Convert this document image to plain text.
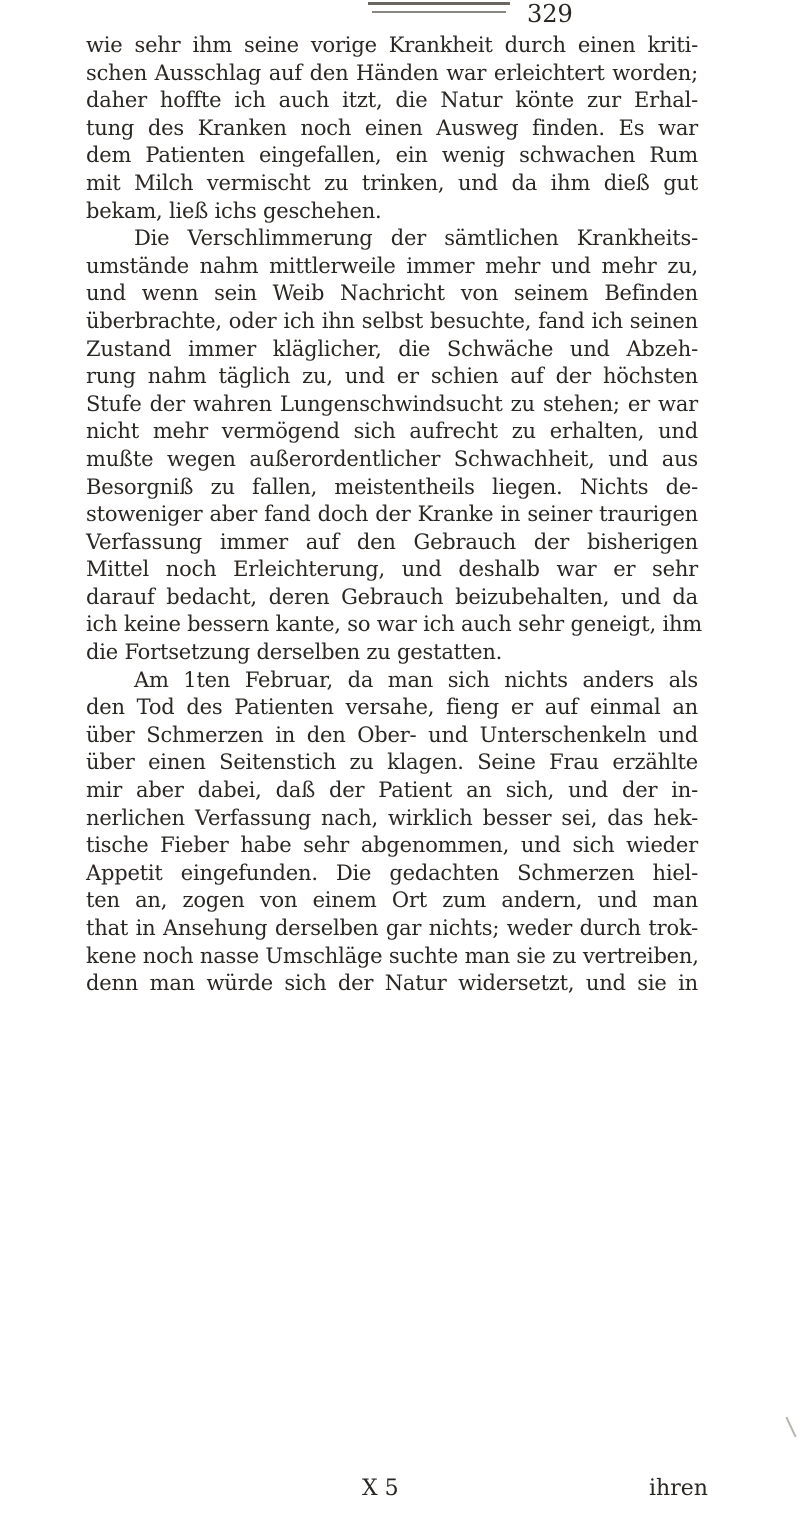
329
wie sehr ihm seine vorige Krankheit durch einen kriti-
schen Ausschlag auf den Händen war erleichtert worden;
daher hoffte ich auch itzt, die Natur könte zur Erhal-
tung des Kranken noch einen Ausweg finden. Es war
dem Patienten eingefallen, ein wenig schwachen Rum
mit Milch vermischt zu trinken, und da ihm dieß gut
bekam, ließ ichs geschehen.
Die Verschlimmerung der sämtlichen Krankheits-
umstände nahm mittlerweile immer mehr und mehr zu,
und wenn sein Weib Nachricht von seinem Befinden
überbrachte, oder ich ihn selbst besuchte, fand ich seinen
Zustand immer kläglicher, die Schwäche und Abzeh-
rung nahm täglich zu, und er schien auf der höchsten
Stufe der wahren Lungenschwindsucht zu stehen; er war
nicht mehr vermögend sich aufrecht zu erhalten, und
mußte wegen außerordentlicher Schwachheit, und aus
Besorgniß zu fallen, meistentheils liegen. Nichts de-
stoweniger aber fand doch der Kranke in seiner traurigen
Verfassung immer auf den Gebrauch der bisherigen
Mittel noch Erleichterung, und deshalb war er sehr
darauf bedacht, deren Gebrauch beizubehalten, und da
ich keine bessern kante, so war ich auch sehr geneigt, ihm
die Fortsetzung derselben zu gestatten.
Am 1ten Februar, da man sich nichts anders als
den Tod des Patienten versahe, fieng er auf einmal an
über Schmerzen in den Ober- und Unterschenkeln und
über einen Seitenstich zu klagen. Seine Frau erzählte
mir aber dabei, daß der Patient an sich, und der in-
nerlichen Verfassung nach, wirklich besser sei, das hek-
tische Fieber habe sehr abgenommen, und sich wieder
Appetit eingefunden. Die gedachten Schmerzen hiel-
ten an, zogen von einem Ort zum andern, und man
that in Ansehung derselben gar nichts; weder durch trok-
kene noch nasse Umschläge suchte man sie zu vertreiben,
denn man würde sich der Natur widersetzt, und sie in
X 5	ihren
